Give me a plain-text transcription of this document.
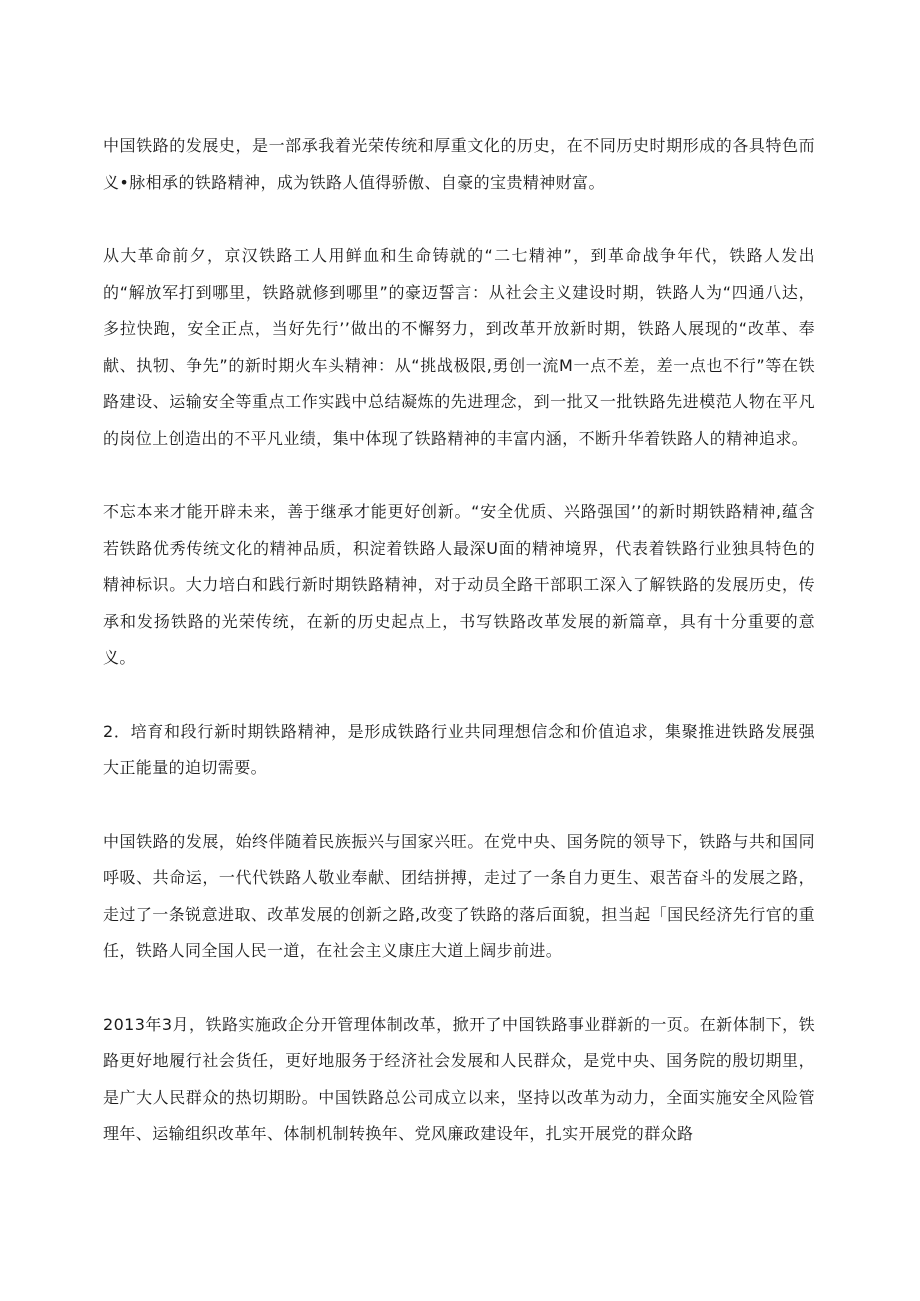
中国铁路的发展史，是一部承我着光荣传统和厚重文化的历史，在不同历史时期形成的各具特色而义•脉相承的铁路精神，成为铁路人值得骄傲、自豪的宝贵精神财富。

从大革命前夕，京汉铁路工人用鲜血和生命铸就的“二七精神”，到革命战争年代，铁路人发出的“解放军打到哪里，铁路就修到哪里”的豪迈誓言：从社会主义建设时期，铁路人为“四通八达，多拉快跑，安全正点，当好先行’’做出的不懈努力，到改革开放新时期，铁路人展现的“改革、奉献、执牣、争先”的新时期火车头精神：从“挑战极限,勇创一流M一点不差，差一点也不行”等在铁路建设、运输安全等重点工作实践中总结凝炼的先进理念，到一批又一批铁路先进模范人物在平凡的岗位上创造出的不平凡业绩，集中体现了铁路精神的丰富内涵，不断升华着铁路人的精神追求。

不忘本来才能开辟未来，善于继承才能更好创新。“安全优质、兴路强国’’的新时期铁路精神,蕴含若铁路优秀传统文化的精神品质，积淀着铁路人最深U面的精神境界，代表着铁路行业独具特色的精神标识。大力培白和践行新时期铁路精神，对于动员全路干部职工深入了解铁路的发展历史，传承和发扬铁路的光荣传统，在新的历史起点上，书写铁路改革发展的新篇章，具有十分重要的意义。

2．培育和段行新时期铁路精神，是形成铁路行业共同理想信念和价值追求，集聚推进铁路发展强大正能量的迫切需要。

中国铁路的发展，始终伴随着民族振兴与国家兴旺。在党中央、国务院的领导下，铁路与共和国同呼吸、共命运，一代代铁路人敬业奉献、团结拼搏，走过了一条自力更生、艰苦奋斗的发展之路，走过了一条锐意进取、改革发展的创新之路,改变了铁路的落后面貌，担当起「国民经济先行官的重任，铁路人同全国人民一道，在社会主义康庄大道上阔步前进。

2013年3月，铁路实施政企分开管理体制改革，掀开了中国铁路事业群新的一页。在新体制下，铁路更好地履行社会货任，更好地服务于经济社会发展和人民群众，是党中央、国务院的殷切期里，是广大人民群众的热切期盼。中国铁路总公司成立以来，坚持以改革为动力，全面实施安全风险管理年、运输组织改革年、体制机制转换年、党风廉政建设年，扎实开展党的群众路
